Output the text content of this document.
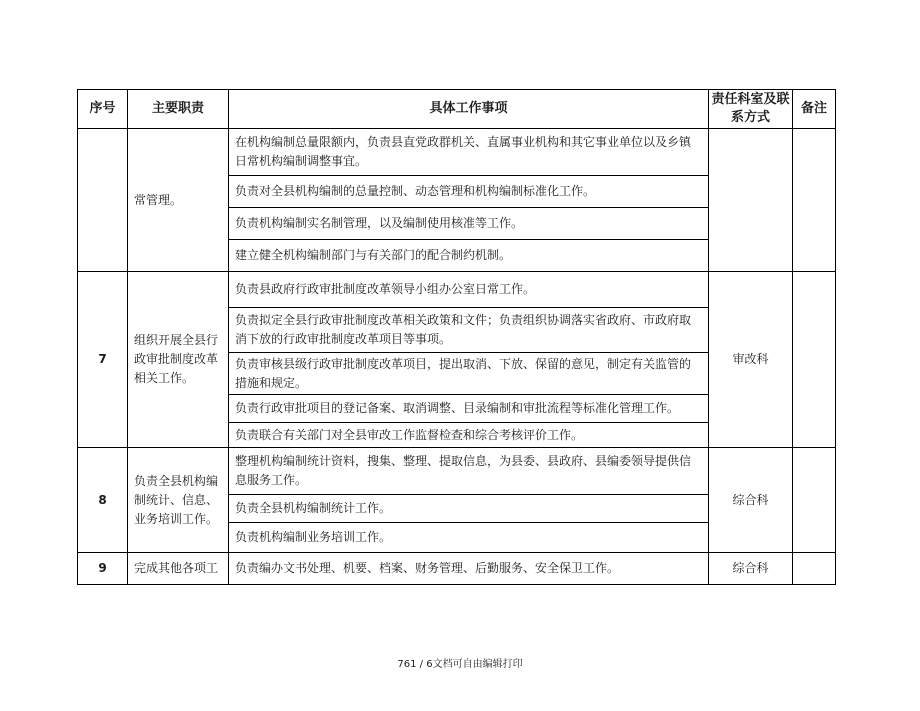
序号	主要职责	具体工作事项	责任科室及联系方式	备注
	常管理。	在机构编制总量限额内，负责县直党政群机关、直属事业机构和其它事业单位以及乡镇日常机构编制调整事宜。		
		负责对全县机构编制的总量控制、动态管理和机构编制标准化工作。		
		负责机构编制实名制管理，以及编制使用核准等工作。		
		建立健全机构编制部门与有关部门的配合制约机制。		
7	组织开展全县行政审批制度改革相关工作。	负责县政府行政审批制度改革领导小组办公室日常工作。	审改科	
		负责拟定全县行政审批制度改革相关政策和文件；负责组织协调落实省政府、市政府取消下放的行政审批制度改革项目等事项。		
		负责审核县级行政审批制度改革项目，提出取消、下放、保留的意见，制定有关监管的措施和规定。		
		负责行政审批项目的登记备案、取消调整、目录编制和审批流程等标准化管理工作。		
		负责联合有关部门对全县审改工作监督检查和综合考核评价工作。		
8	负责全县机构编制统计、信息、业务培训工作。	整理机构编制统计资料，搜集、整理、提取信息，为县委、县政府、县编委领导提供信息服务工作。	综合科	
		负责全县机构编制统计工作。		
		负责机构编制业务培训工作。		
9	完成其他各项工	负责编办文书处理、机要、档案、财务管理、后勤服务、安全保卫工作。	综合科	
761 / 6文档可自由编辑打印
